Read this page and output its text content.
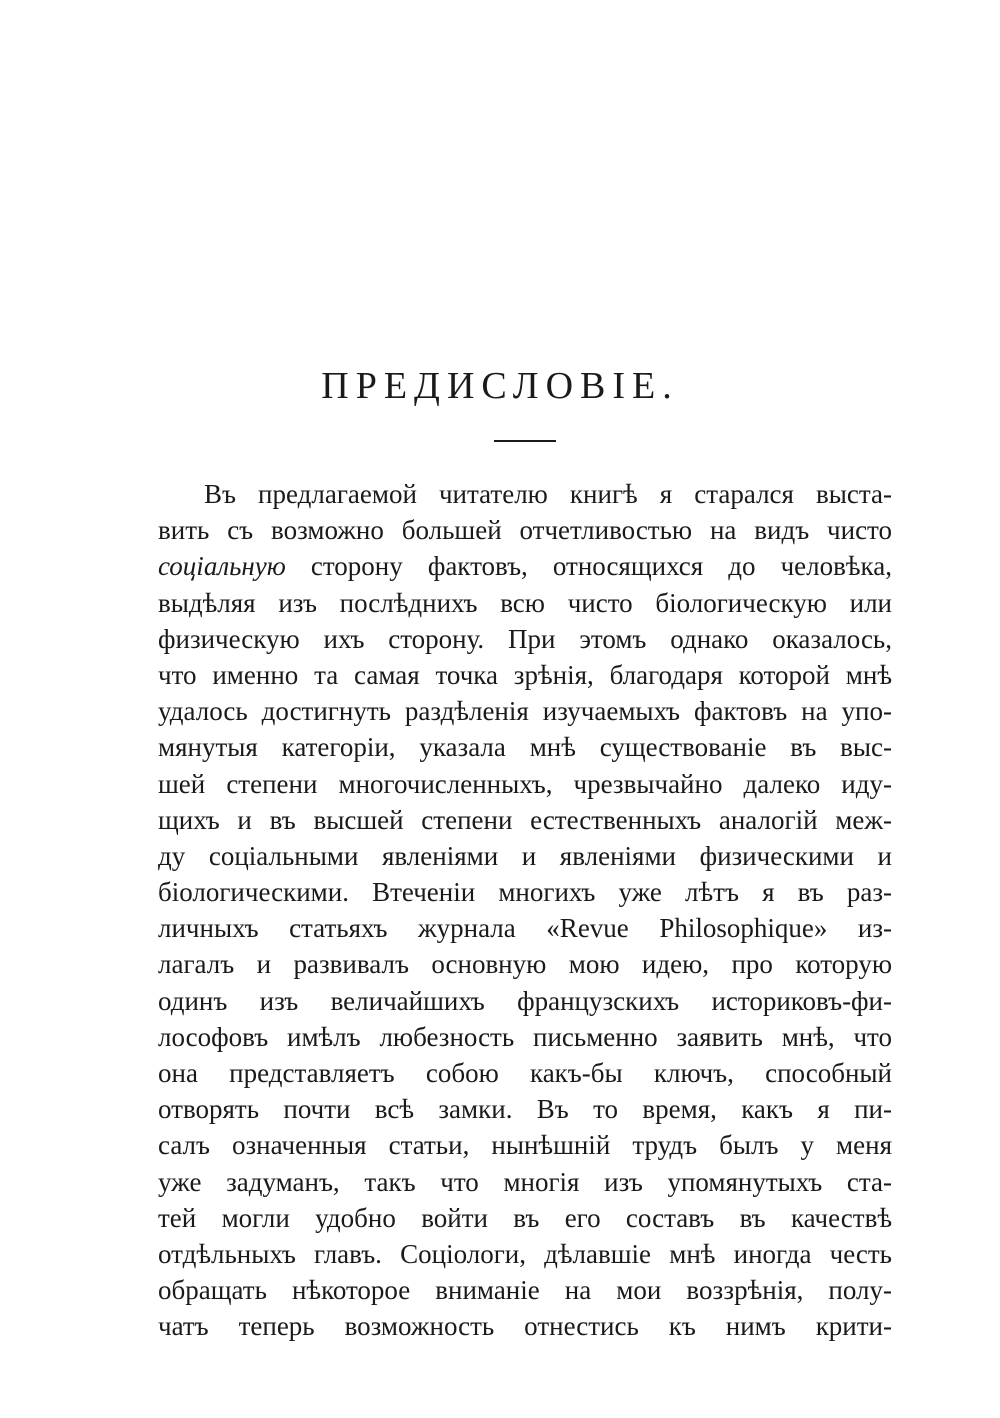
ПРЕДИСЛОВІЕ.
Въ предлагаемой читателю книгѣ я старался выста-
вить съ возможно большей отчетливостью на видъ чисто
соціальную сторону фактовъ, относящихся до человѣка,
выдѣляя изъ послѣднихъ всю чисто біологическую или
физическую ихъ сторону. При этомъ однако оказалось,
что именно та самая точка зрѣнія, благодаря которой мнѣ
удалось достигнуть раздѣленія изучаемыхъ фактовъ на упо-
мянутыя категоріи, указала мнѣ существованіе въ выс-
шей степени многочисленныхъ, чрезвычайно далеко иду-
щихъ и въ высшей степени естественныхъ аналогій меж-
ду соціальными явленіями и явленіями физическими и
біологическими. Втеченіи многихъ уже лѣтъ я въ раз-
личныхъ статьяхъ журнала «Revue Philosophique» из-
лагалъ и развивалъ основную мою идею, про которую
одинъ изъ величайшихъ французскихъ историковъ-фи-
лософовъ имѣлъ любезность письменно заявить мнѣ, что
она представляетъ собою какъ-бы ключъ, способный
отворять почти всѣ замки. Въ то время, какъ я пи-
салъ означенныя статьи, нынѣшній трудъ былъ у меня
уже задуманъ, такъ что многія изъ упомянутыхъ ста-
тей могли удобно войти въ его составъ въ качествѣ
отдѣльныхъ главъ. Соціологи, дѣлавшіе мнѣ иногда честь
обращать нѣкоторое вниманіе на мои воззрѣнія, полу-
чатъ теперь возможность отнестись къ нимъ крити-
